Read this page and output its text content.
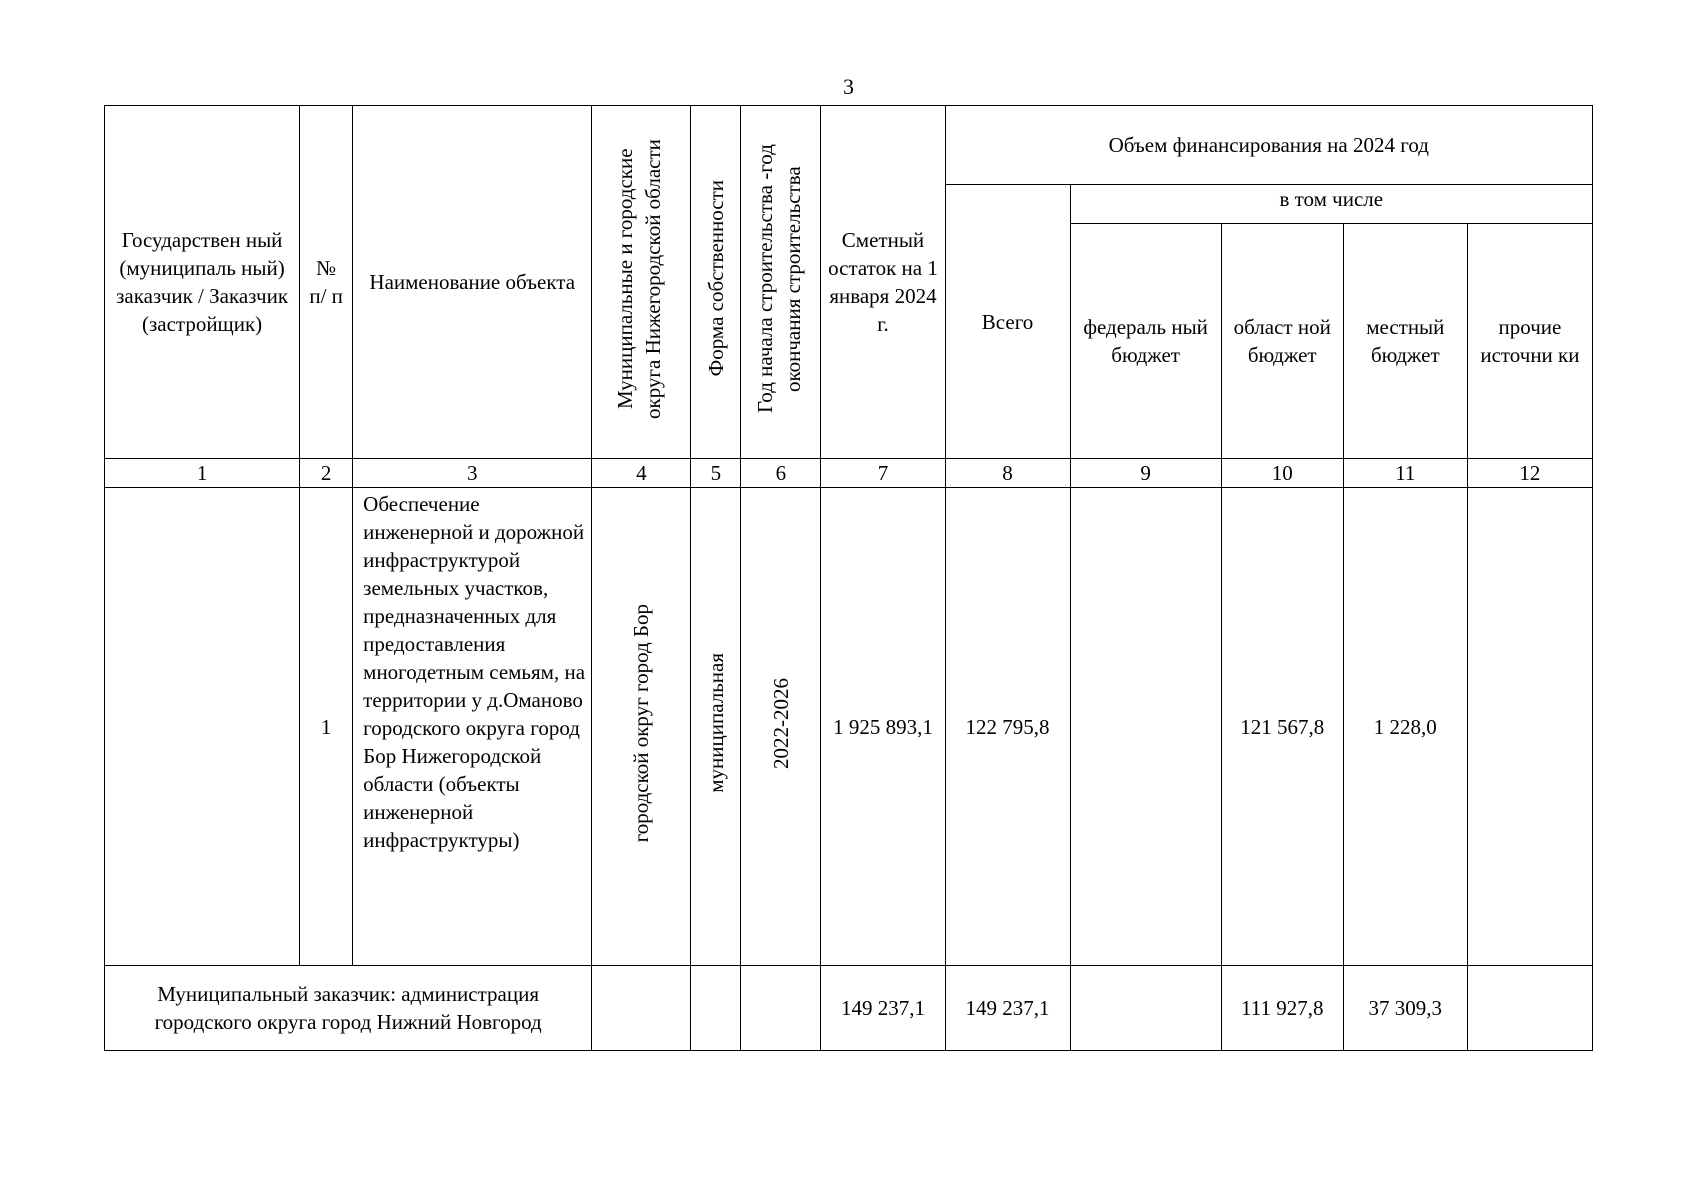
3
Государствен ный (муниципаль ный) заказчик / Заказчик (застройщик)	№ п/ п	Наименование объекта	Муниципальные и городские округа Нижегородской области	Форма собственности	Год начала строительства -год окончания строительства	Сметный остаток на 1 января 2024 г.	Объем финансирования на 2024 год				
							Всего	в том числе			
								федераль ный бюджет	област ной бюджет	местный бюджет	прочие источни ки
1	2	3	4	5	6	7	8	9	10	11	12
	1	Обеспечение инженерной и дорожной инфраструктурой земельных участков, предназначенных для предоставления многодетным семьям, на территории у д.Оманово городского округа город Бор Нижегородской области (объекты инженерной инфраструктуры)	городской округ город Бор	муниципальная	2022-2026	1 925 893,1	122 795,8		121 567,8	1 228,0	
Муниципальный заказчик: администрация городского округа город Нижний Новгород						149 237,1	149 237,1		111 927,8	37 309,3	
